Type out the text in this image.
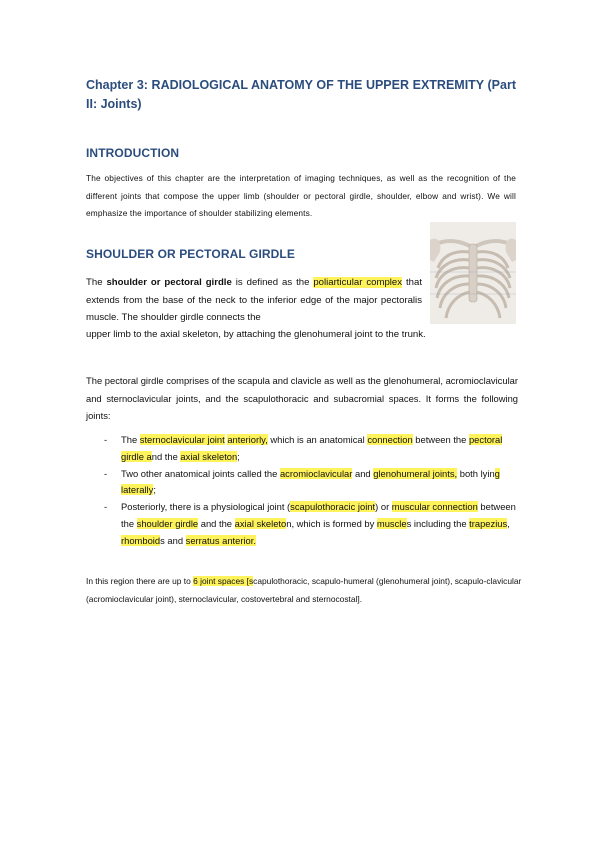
Chapter 3: RADIOLOGICAL ANATOMY OF THE UPPER EXTREMITY (Part II: Joints)
INTRODUCTION
The objectives of this chapter are the interpretation of imaging techniques, as well as the recognition of the different joints that compose the upper limb (shoulder or pectoral girdle, shoulder, elbow and wrist). We will emphasize the importance of shoulder stabilizing elements.
SHOULDER OR PECTORAL GIRDLE
The shoulder or pectoral girdle is defined as the poliarticular complex that extends from the base of the neck to the inferior edge of the major pectoralis muscle. The shoulder girdle connects the
upper limb to the axial skeleton, by attaching the glenohumeral joint to the trunk.
The pectoral girdle comprises of the scapula and clavicle as well as the glenohumeral, acromioclavicular and sternoclavicular joints, and the scapulothoracic and subacromial spaces. It forms the following joints:
- The sternoclavicular joint anteriorly, which is an anatomical connection between the pectoral girdle and the axial skeleton;
- Two other anatomical joints called the acromioclavicular and glenohumeral joints, both lying laterally;
- Posteriorly, there is a physiological joint (scapulothoracic joint) or muscular connection between the shoulder girdle and the axial skeleton, which is formed by muscles including the trapezius, rhomboids and serratus anterior.
In this region there are up to 6 joint spaces [scapulothoracic, scapulo-humeral (glenohumeral joint), scapulo-clavicular (acromioclavicular joint), sternoclavicular, costovertebral and sternocostal].
